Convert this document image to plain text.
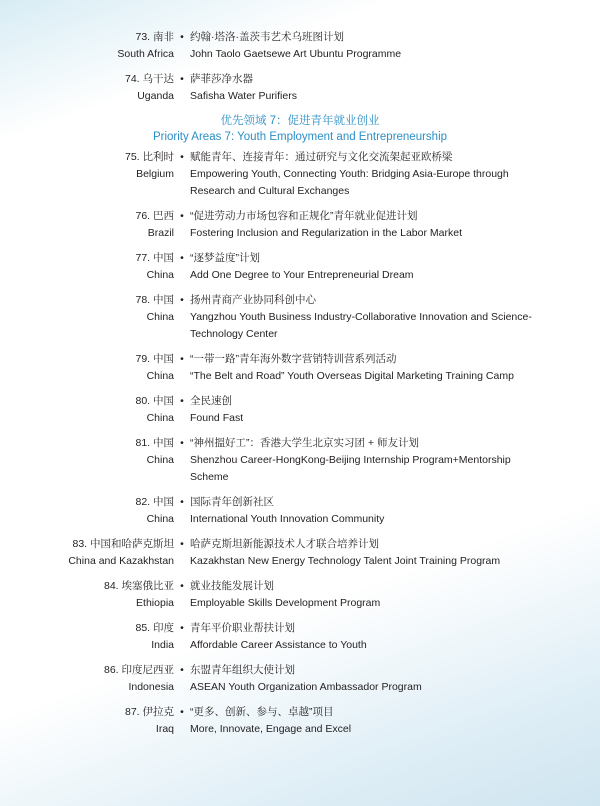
73. 南非
South Africa
• 约翰·塔洛·盖茨韦艺术乌班图计划
John Taolo Gaetsewe Art Ubuntu Programme
74. 乌干达
Uganda
• 萨菲莎净水器
Safisha Water Purifiers
优先领域 7：促进青年就业创业
Priority Areas 7: Youth Employment and Entrepreneurship
75. 比利时
Belgium
• 赋能青年、连接青年：通过研究与文化交流架起亚欧桥梁
Empowering Youth, Connecting Youth: Bridging Asia-Europe through
Research and Cultural Exchanges
76. 巴西
Brazil
• “促进劳动力市场包容和正规化”青年就业促进计划
Fostering Inclusion and Regularization in the Labor Market
77. 中国
China
• “逐梦益度”计划
Add One Degree to Your Entrepreneurial Dream
78. 中国
China
• 扬州青商产业协同科创中心
Yangzhou Youth Business Industry-Collaborative Innovation and Science-
Technology Center
79. 中国
China
• “一带一路”青年海外数字营销特训营系列活动
“The Belt and Road” Youth Overseas Digital Marketing Training Camp
80. 中国
China
• 全民速创
Found Fast
81. 中国
China
• “神州搵好工”：香港大学生北京实习团 + 师友计划
Shenzhou Career-HongKong-Beijing Internship Program+Mentorship
Scheme
82. 中国
China
• 国际青年创新社区
International Youth Innovation Community
83. 中国和哈萨克斯坦
China and Kazakhstan
• 哈萨克斯坦新能源技术人才联合培养计划
Kazakhstan New Energy Technology Talent Joint Training Program
84. 埃塞俄比亚
Ethiopia
• 就业技能发展计划
Employable Skills Development Program
85. 印度
India
• 青年平价职业帮扶计划
Affordable Career Assistance to Youth
86. 印度尼西亚
Indonesia
• 东盟青年组织大使计划
ASEAN Youth Organization Ambassador Program
87. 伊拉克
Iraq
• “更多、创新、参与、卓越”项目
More, Innovate, Engage and Excel
